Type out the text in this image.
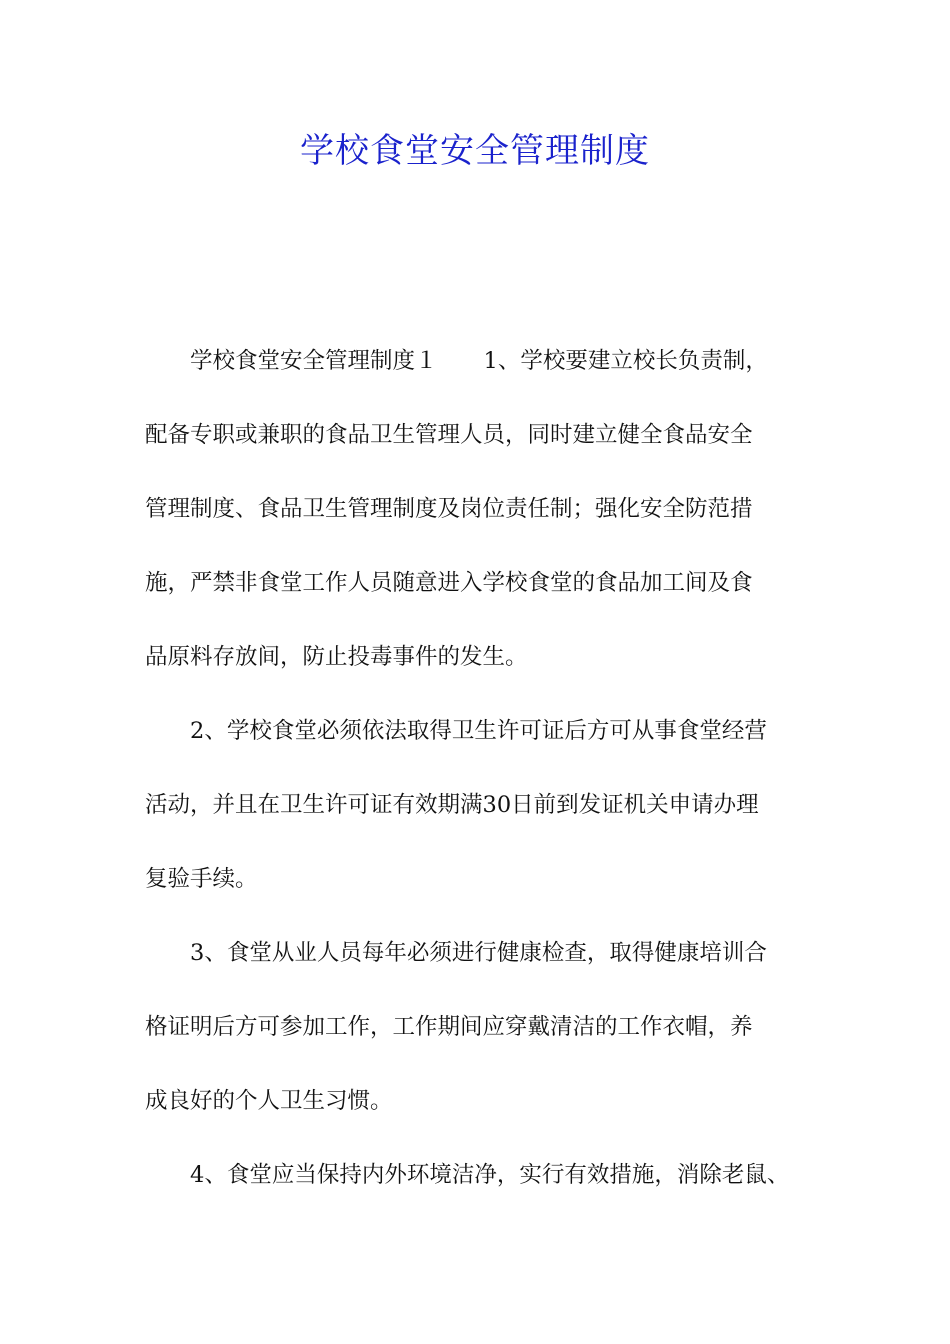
学校食堂安全管理制度
学校食堂安全管理制度１ 1、学校要建立校长负责制，
配备专职或兼职的食品卫生管理人员，同时建立健全食品安全
管理制度、食品卫生管理制度及岗位责任制；强化安全防范措
施，严禁非食堂工作人员随意进入学校食堂的食品加工间及食
品原料存放间，防止投毒事件的发生。
2、学校食堂必须依法取得卫生许可证后方可从事食堂经营
活动，并且在卫生许可证有效期满30日前到发证机关申请办理
复验手续。
3、食堂从业人员每年必须进行健康检查，取得健康培训合
格证明后方可参加工作，工作期间应穿戴清洁的工作衣帽，养
成良好的个人卫生习惯。
4、食堂应当保持内外环境洁净，实行有效措施，消除老鼠、
